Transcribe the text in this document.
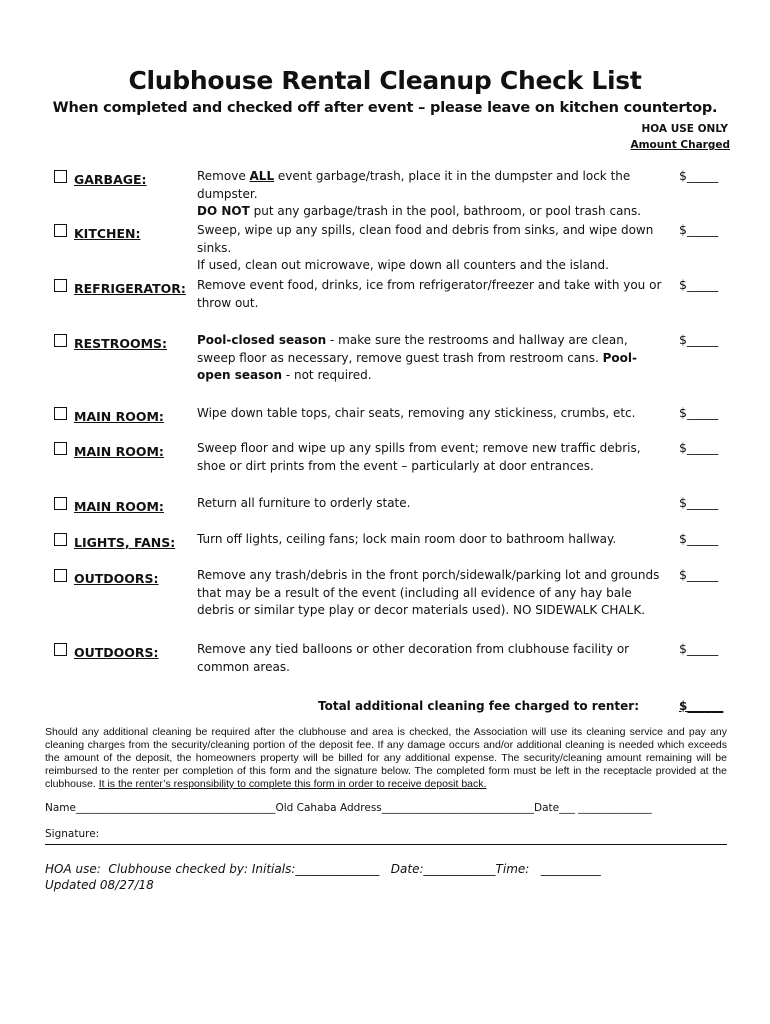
Clubhouse Rental Cleanup Check List
When completed and checked off after event – please leave on kitchen countertop.
HOA USE ONLY
Amount Charged
GARBAGE:	Remove ALL event garbage/trash, place it in the dumpster and lock the dumpster.
DO NOT put any garbage/trash in the pool, bathroom, or pool trash cans.
$_____
KITCHEN:	Sweep, wipe up any spills, clean food and debris from sinks, and wipe down sinks.
If used, clean out microwave, wipe down all counters and the island.
$_____
REFRIGERATOR: Remove event food, drinks, ice from refrigerator/freezer and take with you or throw out.
$_____
RESTROOMS: Pool-closed season - make sure the restrooms and hallway are clean, sweep floor as necessary, remove guest trash from restroom cans. Pool-open season - not required.
$_____
MAIN ROOM:	Wipe down table tops, chair seats, removing any stickiness, crumbs, etc.	$_____
MAIN ROOM:	Sweep floor and wipe up any spills from event; remove new traffic debris, shoe or dirt prints from the event – particularly at door entrances.
$_____
MAIN ROOM:	Return all furniture to orderly state.	$_____
LIGHTS, FANS: Turn off lights, ceiling fans; lock main room door to bathroom hallway.	$_____
OUTDOORS:	Remove any trash/debris in the front porch/sidewalk/parking lot and grounds that may be a result of the event (including all evidence of any hay bale debris or similar type play or decor materials used). NO SIDEWALK CHALK.
$_____
OUTDOORS:	Remove any tied balloons or other decoration from clubhouse facility or common areas.
$_____
Total additional cleaning fee charged to renter:	$______
Should any additional cleaning be required after the clubhouse and area is checked, the Association will use its cleaning service and pay any cleaning charges from the security/cleaning portion of the deposit fee. If any damage occurs and/or additional cleaning is needed which exceeds the amount of the deposit, the homeowners property will be billed for any additional expense. The security/cleaning amount remaining will be reimbursed to the renter per completion of this form and the signature below. The completed form must be left in the receptacle provided at the clubhouse. It is the renter’s responsibility to complete this form in order to receive deposit back.
Name______________________________________Old Cahaba Address_____________________________Date___ ______________
Signature:
HOA use:  Clubhouse checked by: Initials:______________   Date:____________Time:   __________
Updated 08/27/18
